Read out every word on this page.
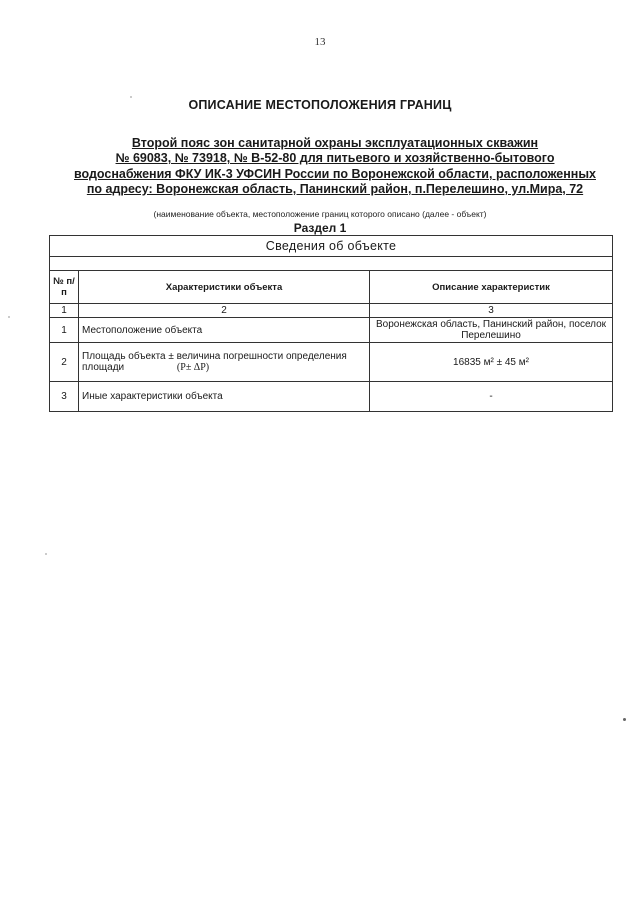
13
ОПИСАНИЕ МЕСТОПОЛОЖЕНИЯ ГРАНИЦ
Второй пояс зон санитарной охраны эксплуатационных скважин
№ 69083, № 73918, № В-52-80 для питьевого и хозяйственно-бытового
водоснабжения ФКУ ИК-3 УФСИН России по Воронежской области, расположенных
по адресу: Воронежская область, Панинский район, п.Перелешино, ул.Мира, 72
(наименование объекта, местоположение границ которого описано (далее - объект)
Раздел 1
Сведения об объекте		

№ п/п	Характеристики объекта	Описание характеристик
1	2	3
1	Местоположение объекта	Воронежская область, Панинский район, поселок Перелешино
2	Площадь объекта ± величина погрешности определения площади (P± ΔP)	16835 м² ± 45 м²
3	Иные характеристики объекта	-
